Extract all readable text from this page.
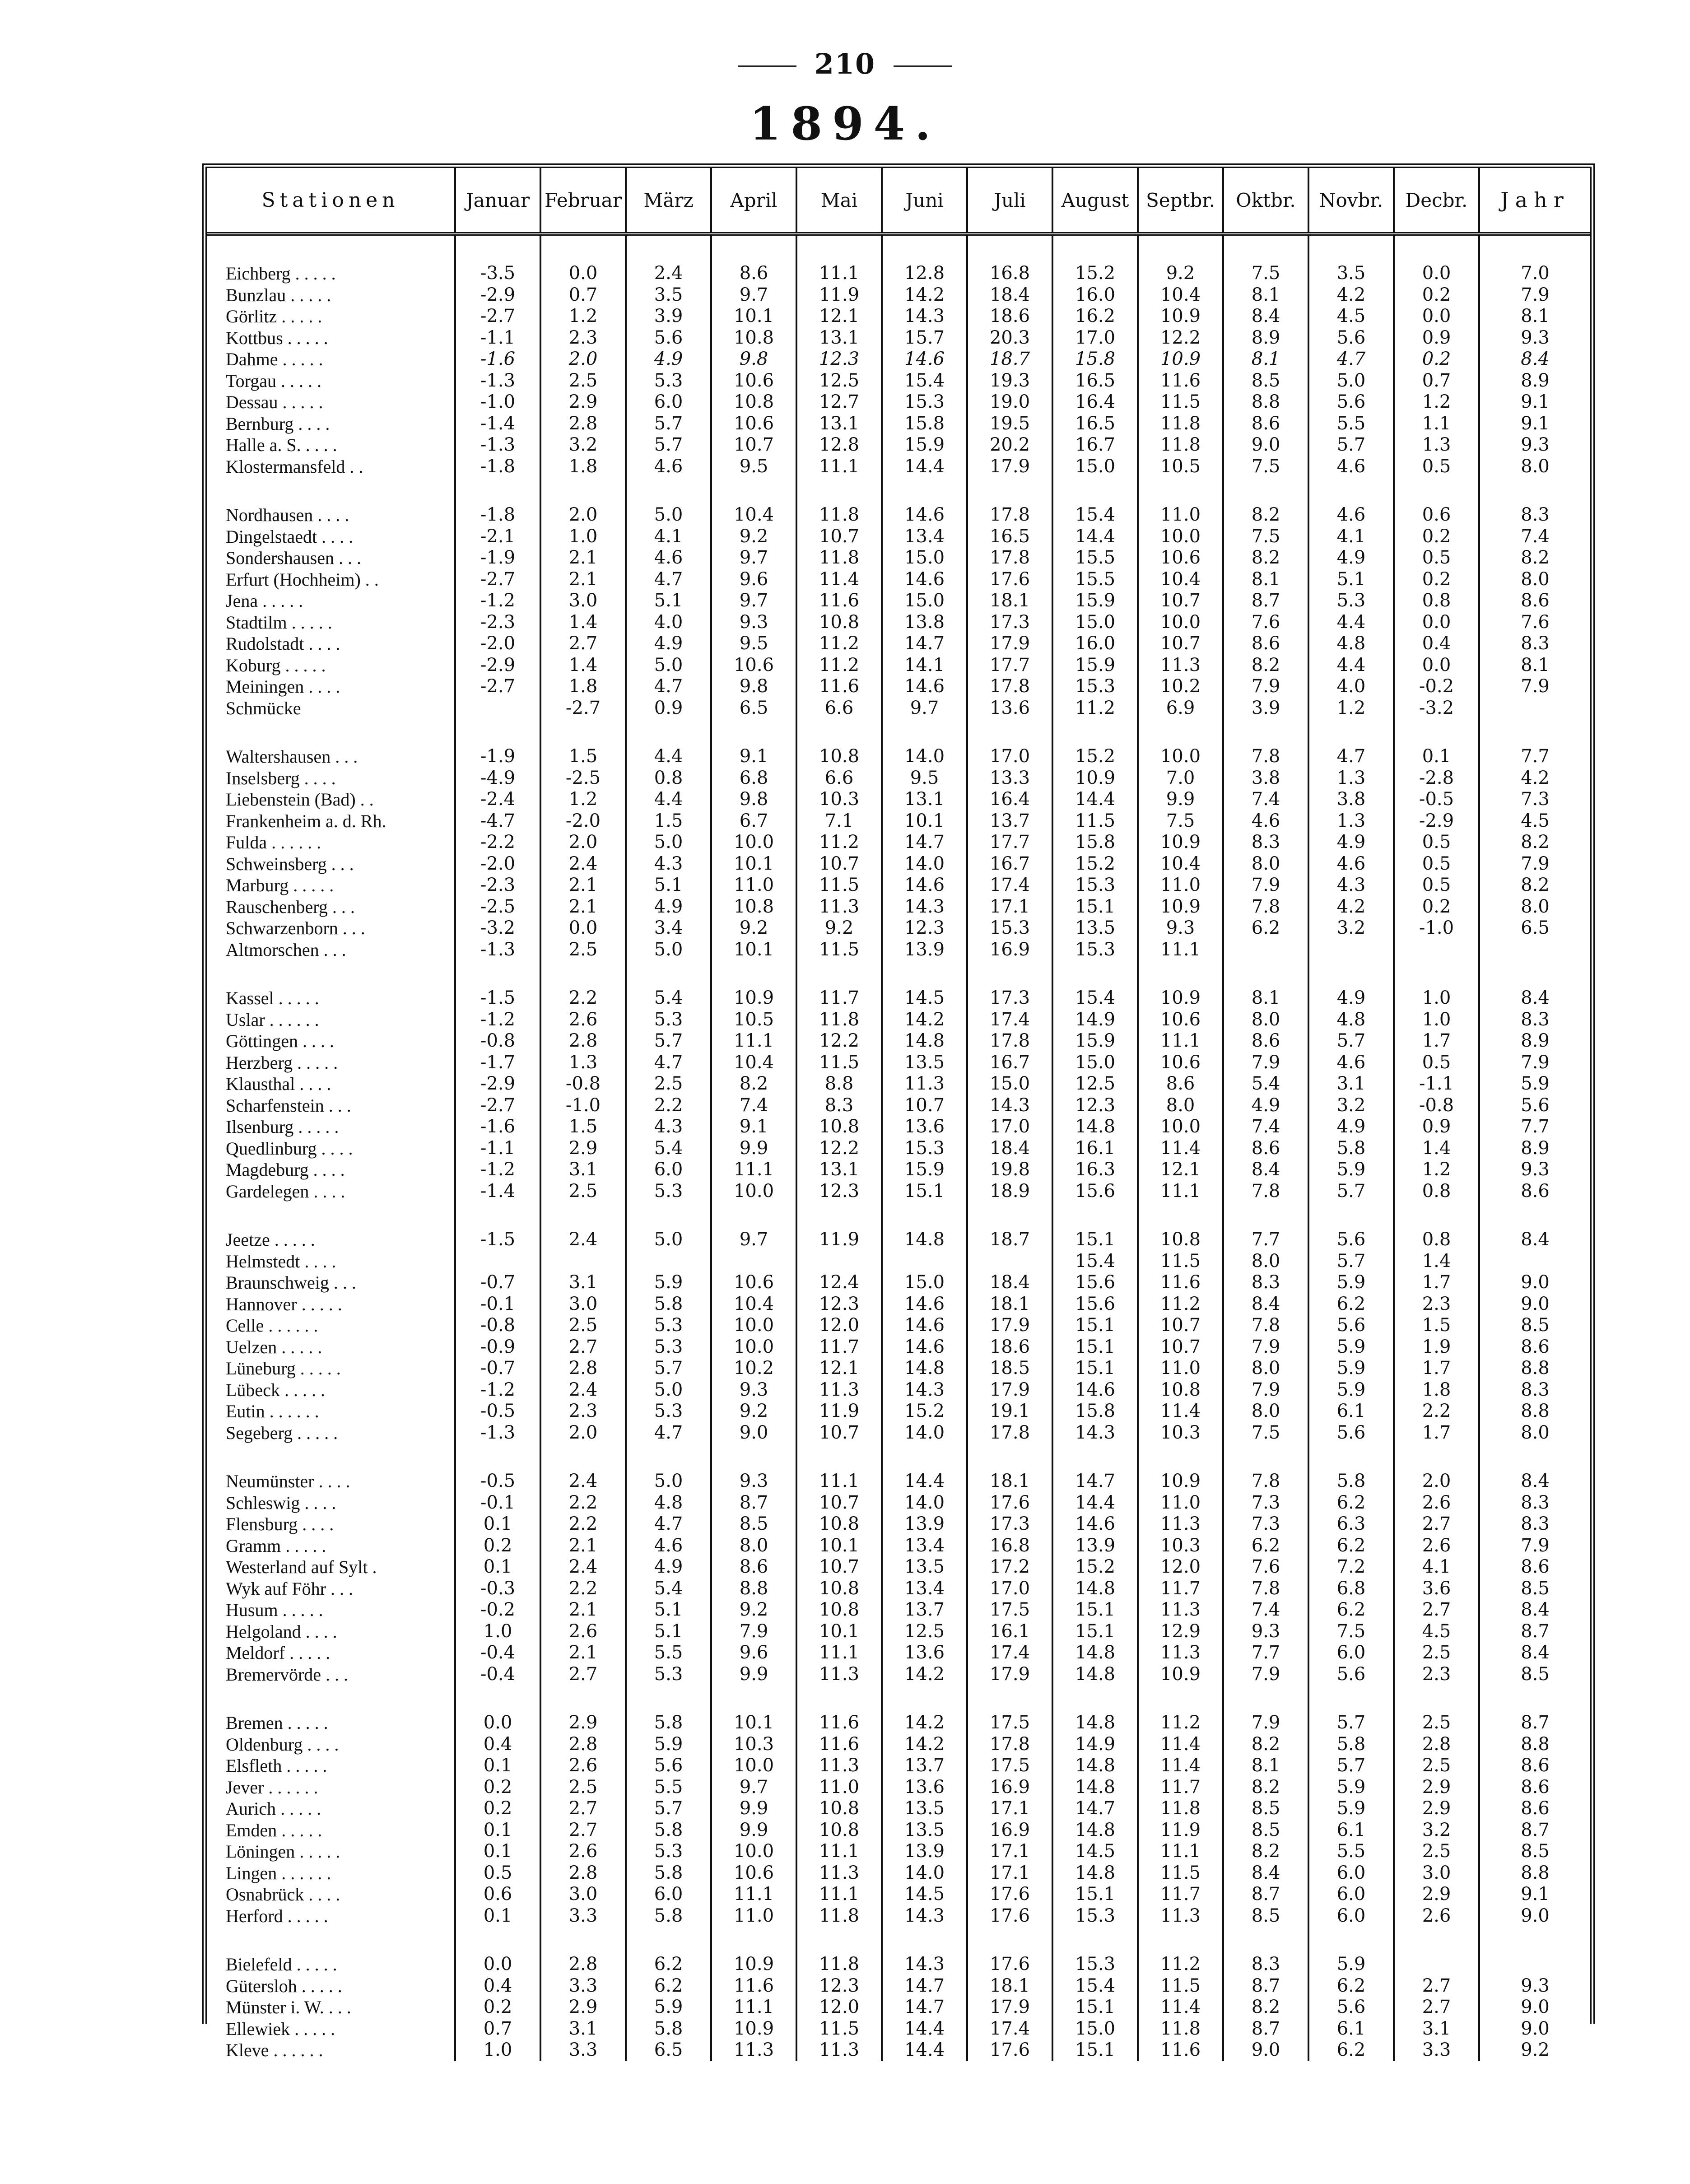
210
1894.
Stationen	Januar	Februar	März	April	Mai	Juni	Juli	August	Septbr.	Oktbr.	Novbr.	Decbr.	Jahr

Eichberg . . . . .	-3.5	0.0	2.4	8.6	11.1	12.8	16.8	15.2	9.2	7.5	3.5	0.0	7.0
Bunzlau . . . . .	-2.9	0.7	3.5	9.7	11.9	14.2	18.4	16.0	10.4	8.1	4.2	0.2	7.9
Görlitz . . . . .	-2.7	1.2	3.9	10.1	12.1	14.3	18.6	16.2	10.9	8.4	4.5	0.0	8.1
Kottbus . . . . .	-1.1	2.3	5.6	10.8	13.1	15.7	20.3	17.0	12.2	8.9	5.6	0.9	9.3
Dahme . . . . .	-1.6	2.0	4.9	9.8	12.3	14.6	18.7	15.8	10.9	8.1	4.7	0.2	8.4
Torgau . . . . .	-1.3	2.5	5.3	10.6	12.5	15.4	19.3	16.5	11.6	8.5	5.0	0.7	8.9
Dessau . . . . .	-1.0	2.9	6.0	10.8	12.7	15.3	19.0	16.4	11.5	8.8	5.6	1.2	9.1
Bernburg . . . .	-1.4	2.8	5.7	10.6	13.1	15.8	19.5	16.5	11.8	8.6	5.5	1.1	9.1
Halle a. S. . . . .	-1.3	3.2	5.7	10.7	12.8	15.9	20.2	16.7	11.8	9.0	5.7	1.3	9.3
Klostermansfeld . .	-1.8	1.8	4.6	9.5	11.1	14.4	17.9	15.0	10.5	7.5	4.6	0.5	8.0

Nordhausen . . . .	-1.8	2.0	5.0	10.4	11.8	14.6	17.8	15.4	11.0	8.2	4.6	0.6	8.3
Dingelstaedt . . . .	-2.1	1.0	4.1	9.2	10.7	13.4	16.5	14.4	10.0	7.5	4.1	0.2	7.4
Sondershausen . . .	-1.9	2.1	4.6	9.7	11.8	15.0	17.8	15.5	10.6	8.2	4.9	0.5	8.2
Erfurt (Hochheim) . .	-2.7	2.1	4.7	9.6	11.4	14.6	17.6	15.5	10.4	8.1	5.1	0.2	8.0
Jena . . . . .	-1.2	3.0	5.1	9.7	11.6	15.0	18.1	15.9	10.7	8.7	5.3	0.8	8.6
Stadtilm . . . . .	-2.3	1.4	4.0	9.3	10.8	13.8	17.3	15.0	10.0	7.6	4.4	0.0	7.6
Rudolstadt . . . .	-2.0	2.7	4.9	9.5	11.2	14.7	17.9	16.0	10.7	8.6	4.8	0.4	8.3
Koburg . . . . .	-2.9	1.4	5.0	10.6	11.2	14.1	17.7	15.9	11.3	8.2	4.4	0.0	8.1
Meiningen . . . .	-2.7	1.8	4.7	9.8	11.6	14.6	17.8	15.3	10.2	7.9	4.0	-0.2	7.9
Schmücke		-2.7	0.9	6.5	6.6	9.7	13.6	11.2	6.9	3.9	1.2	-3.2	

Waltershausen . . .	-1.9	1.5	4.4	9.1	10.8	14.0	17.0	15.2	10.0	7.8	4.7	0.1	7.7
Inselsberg . . . .	-4.9	-2.5	0.8	6.8	6.6	9.5	13.3	10.9	7.0	3.8	1.3	-2.8	4.2
Liebenstein (Bad) . .	-2.4	1.2	4.4	9.8	10.3	13.1	16.4	14.4	9.9	7.4	3.8	-0.5	7.3
Frankenheim a. d. Rh.	-4.7	-2.0	1.5	6.7	7.1	10.1	13.7	11.5	7.5	4.6	1.3	-2.9	4.5
Fulda . . . . . .	-2.2	2.0	5.0	10.0	11.2	14.7	17.7	15.8	10.9	8.3	4.9	0.5	8.2
Schweinsberg . . .	-2.0	2.4	4.3	10.1	10.7	14.0	16.7	15.2	10.4	8.0	4.6	0.5	7.9
Marburg . . . . .	-2.3	2.1	5.1	11.0	11.5	14.6	17.4	15.3	11.0	7.9	4.3	0.5	8.2
Rauschenberg . . .	-2.5	2.1	4.9	10.8	11.3	14.3	17.1	15.1	10.9	7.8	4.2	0.2	8.0
Schwarzenborn . . .	-3.2	0.0	3.4	9.2	9.2	12.3	15.3	13.5	9.3	6.2	3.2	-1.0	6.5
Altmorschen . . .	-1.3	2.5	5.0	10.1	11.5	13.9	16.9	15.3	11.1				

Kassel . . . . .	-1.5	2.2	5.4	10.9	11.7	14.5	17.3	15.4	10.9	8.1	4.9	1.0	8.4
Uslar . . . . . .	-1.2	2.6	5.3	10.5	11.8	14.2	17.4	14.9	10.6	8.0	4.8	1.0	8.3
Göttingen . . . .	-0.8	2.8	5.7	11.1	12.2	14.8	17.8	15.9	11.1	8.6	5.7	1.7	8.9
Herzberg . . . . .	-1.7	1.3	4.7	10.4	11.5	13.5	16.7	15.0	10.6	7.9	4.6	0.5	7.9
Klausthal . . . .	-2.9	-0.8	2.5	8.2	8.8	11.3	15.0	12.5	8.6	5.4	3.1	-1.1	5.9
Scharfenstein . . .	-2.7	-1.0	2.2	7.4	8.3	10.7	14.3	12.3	8.0	4.9	3.2	-0.8	5.6
Ilsenburg . . . . .	-1.6	1.5	4.3	9.1	10.8	13.6	17.0	14.8	10.0	7.4	4.9	0.9	7.7
Quedlinburg . . . .	-1.1	2.9	5.4	9.9	12.2	15.3	18.4	16.1	11.4	8.6	5.8	1.4	8.9
Magdeburg . . . .	-1.2	3.1	6.0	11.1	13.1	15.9	19.8	16.3	12.1	8.4	5.9	1.2	9.3
Gardelegen . . . .	-1.4	2.5	5.3	10.0	12.3	15.1	18.9	15.6	11.1	7.8	5.7	0.8	8.6

Jeetze . . . . .	-1.5	2.4	5.0	9.7	11.9	14.8	18.7	15.1	10.8	7.7	5.6	0.8	8.4
Helmstedt . . . .								15.4	11.5	8.0	5.7	1.4	
Braunschweig . . .	-0.7	3.1	5.9	10.6	12.4	15.0	18.4	15.6	11.6	8.3	5.9	1.7	9.0
Hannover . . . . .	-0.1	3.0	5.8	10.4	12.3	14.6	18.1	15.6	11.2	8.4	6.2	2.3	9.0
Celle . . . . . .	-0.8	2.5	5.3	10.0	12.0	14.6	17.9	15.1	10.7	7.8	5.6	1.5	8.5
Uelzen . . . . .	-0.9	2.7	5.3	10.0	11.7	14.6	18.6	15.1	10.7	7.9	5.9	1.9	8.6
Lüneburg . . . . .	-0.7	2.8	5.7	10.2	12.1	14.8	18.5	15.1	11.0	8.0	5.9	1.7	8.8
Lübeck . . . . .	-1.2	2.4	5.0	9.3	11.3	14.3	17.9	14.6	10.8	7.9	5.9	1.8	8.3
Eutin . . . . . .	-0.5	2.3	5.3	9.2	11.9	15.2	19.1	15.8	11.4	8.0	6.1	2.2	8.8
Segeberg . . . . .	-1.3	2.0	4.7	9.0	10.7	14.0	17.8	14.3	10.3	7.5	5.6	1.7	8.0

Neumünster . . . .	-0.5	2.4	5.0	9.3	11.1	14.4	18.1	14.7	10.9	7.8	5.8	2.0	8.4
Schleswig . . . .	-0.1	2.2	4.8	8.7	10.7	14.0	17.6	14.4	11.0	7.3	6.2	2.6	8.3
Flensburg . . . .	0.1	2.2	4.7	8.5	10.8	13.9	17.3	14.6	11.3	7.3	6.3	2.7	8.3
Gramm . . . . .	0.2	2.1	4.6	8.0	10.1	13.4	16.8	13.9	10.3	6.2	6.2	2.6	7.9
Westerland auf Sylt .	0.1	2.4	4.9	8.6	10.7	13.5	17.2	15.2	12.0	7.6	7.2	4.1	8.6
Wyk auf Föhr . . .	-0.3	2.2	5.4	8.8	10.8	13.4	17.0	14.8	11.7	7.8	6.8	3.6	8.5
Husum . . . . .	-0.2	2.1	5.1	9.2	10.8	13.7	17.5	15.1	11.3	7.4	6.2	2.7	8.4
Helgoland . . . .	1.0	2.6	5.1	7.9	10.1	12.5	16.1	15.1	12.9	9.3	7.5	4.5	8.7
Meldorf . . . . .	-0.4	2.1	5.5	9.6	11.1	13.6	17.4	14.8	11.3	7.7	6.0	2.5	8.4
Bremervörde . . .	-0.4	2.7	5.3	9.9	11.3	14.2	17.9	14.8	10.9	7.9	5.6	2.3	8.5

Bremen . . . . .	0.0	2.9	5.8	10.1	11.6	14.2	17.5	14.8	11.2	7.9	5.7	2.5	8.7
Oldenburg . . . .	0.4	2.8	5.9	10.3	11.6	14.2	17.8	14.9	11.4	8.2	5.8	2.8	8.8
Elsfleth . . . . .	0.1	2.6	5.6	10.0	11.3	13.7	17.5	14.8	11.4	8.1	5.7	2.5	8.6
Jever . . . . . .	0.2	2.5	5.5	9.7	11.0	13.6	16.9	14.8	11.7	8.2	5.9	2.9	8.6
Aurich . . . . .	0.2	2.7	5.7	9.9	10.8	13.5	17.1	14.7	11.8	8.5	5.9	2.9	8.6
Emden . . . . .	0.1	2.7	5.8	9.9	10.8	13.5	16.9	14.8	11.9	8.5	6.1	3.2	8.7
Löningen . . . . .	0.1	2.6	5.3	10.0	11.1	13.9	17.1	14.5	11.1	8.2	5.5	2.5	8.5
Lingen . . . . . .	0.5	2.8	5.8	10.6	11.3	14.0	17.1	14.8	11.5	8.4	6.0	3.0	8.8
Osnabrück . . . .	0.6	3.0	6.0	11.1	11.1	14.5	17.6	15.1	11.7	8.7	6.0	2.9	9.1
Herford . . . . .	0.1	3.3	5.8	11.0	11.8	14.3	17.6	15.3	11.3	8.5	6.0	2.6	9.0

Bielefeld . . . . .	0.0	2.8	6.2	10.9	11.8	14.3	17.6	15.3	11.2	8.3	5.9		
Gütersloh . . . . .	0.4	3.3	6.2	11.6	12.3	14.7	18.1	15.4	11.5	8.7	6.2	2.7	9.3
Münster i. W. . . .	0.2	2.9	5.9	11.1	12.0	14.7	17.9	15.1	11.4	8.2	5.6	2.7	9.0
Ellewiek . . . . .	0.7	3.1	5.8	10.9	11.5	14.4	17.4	15.0	11.8	8.7	6.1	3.1	9.0
Kleve . . . . . .	1.0	3.3	6.5	11.3	11.3	14.4	17.6	15.1	11.6	9.0	6.2	3.3	9.2
